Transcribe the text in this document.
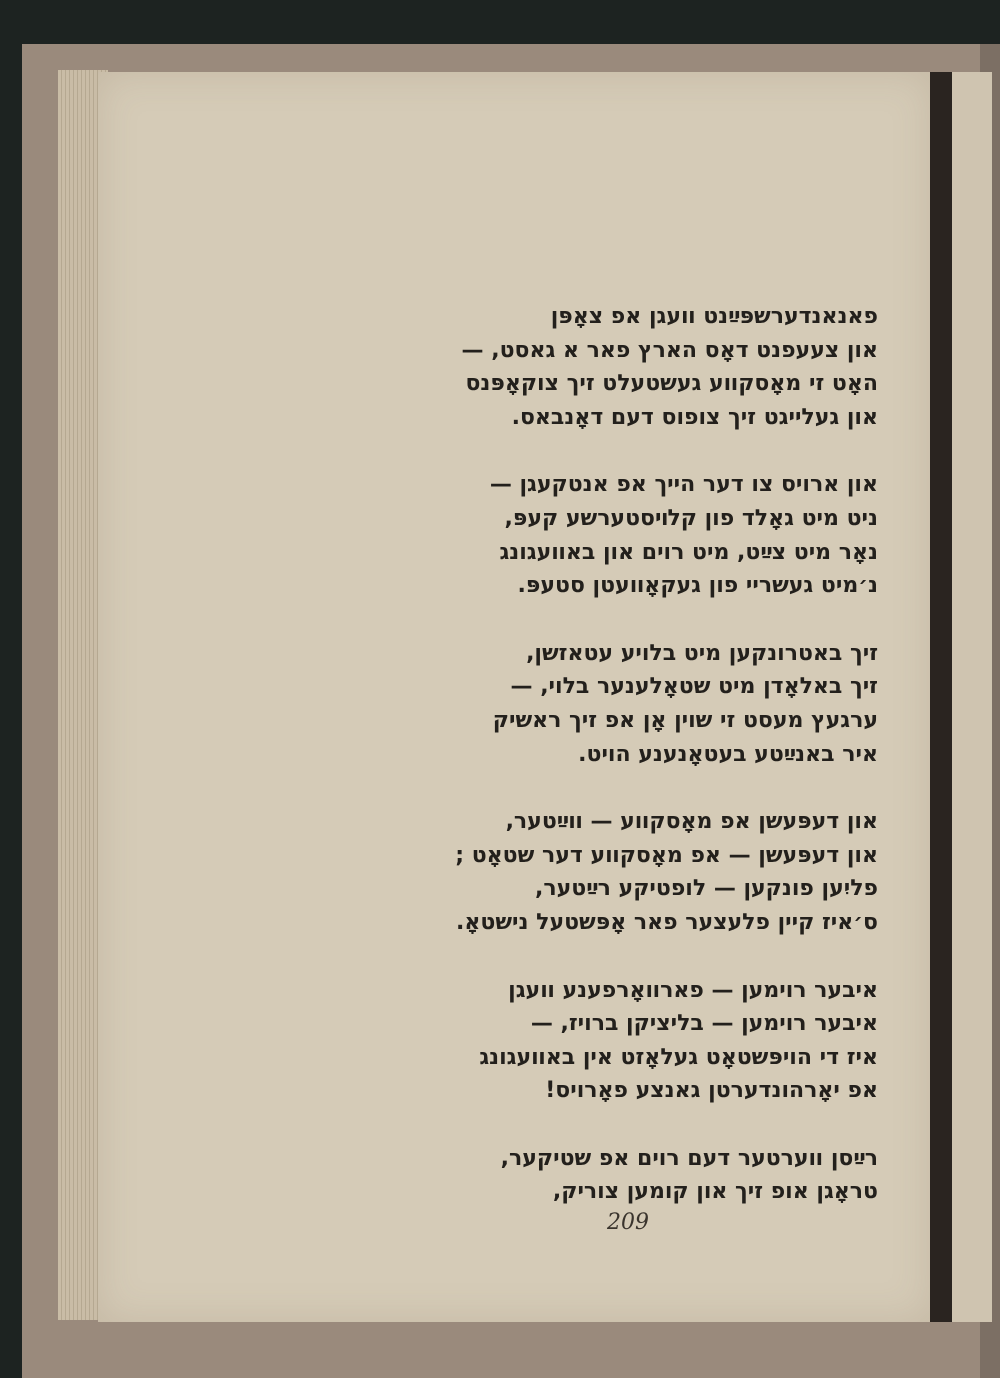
פאנאנדערשפּײַנט װעגן אפ צאָפּן
און צעעפנט דאָס הארץ פאר א גאסט, —
האָט זי מאָסקװע געשטעלט זיך צוקאָפּנס
און געלייגט זיך צופוס דעם דאָנבאס.
און ארויס צו דער הייך אפ אנטקעגן —
ניט מיט גאָלד פון קלױסטערשע קעפּ,
נאָר מיט צײַט, מיט רוים און באװעגונג
נ׳מיט געשריי פון געקאָװעטן סטעפּ.
זיך באטרונקען מיט בלויע עטאזשן,
זיך באלאָדן מיט שטאָלענער בלוי, —
ערגעץ מעסט זי שוין אָן אפ זיך ראשיק
איר באנײַטע בעטאָנענע הויט.
און דעפּעשן אפ מאָסקװע — װײַטער,
און דעפּעשן — אפ מאָסקװע דער שטאָט ;
פליִען פונקען — לופטיקע רײַטער,
ס׳איז קיין פלעצער פאר אָפּשטעל נישטאָ.
איבער רוימען — פארװאָרפענע װעגן
איבער רוימען — בליציקן ברויז, —
איז די הויפּשטאָט געלאָזט אין באװעגונג
אפ יאָרהונדערטן גאנצע פאָרויס!
רײַסן װערטער דעם רוים אפ שטיקער,
טראָגן אופ זיך און קומען צוריק,
209
